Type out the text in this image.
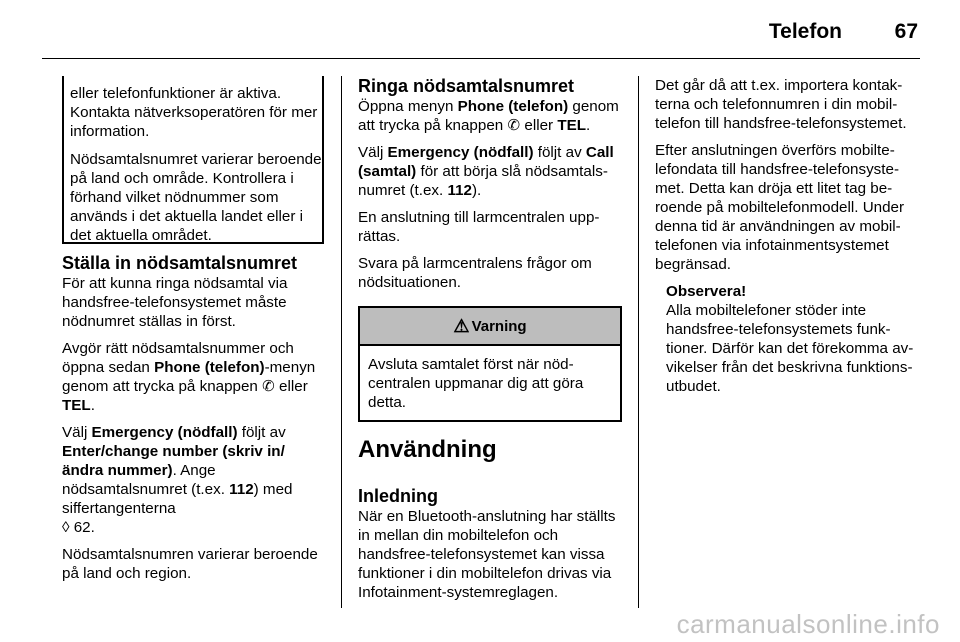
Telefon	67

eller telefonfunktioner är aktiva. Kontakta nätverksoperatören för mer information.

Nödsamtalsnumret varierar beroende på land och område. Kontrollera i förhand vilket nödnummer som används i det aktuella landet eller i det aktuella området.

Ställa in nödsamtalsnumret

För att kunna ringa nödsamtal via handsfree-telefonsystemet måste nödnumret ställas in först.

Avgör rätt nödsamtalsnummer och öppna sedan Phone (telefon)-menyn genom att trycka på knappen ✆ eller TEL.

Välj Emergency (nödfall) följt av Enter/change number (skriv in/ändra nummer). Ange nödsamtalsnumret (t.ex. 112) med siffertangenterna
◊ 62.

Nödsamtalsnumren varierar beroende på land och region.

Ringa nödsamtalsnumret

Öppna menyn Phone (telefon) genom att trycka på knappen ✆ eller TEL.

Välj Emergency (nödfall) följt av Call (samtal) för att börja slå nödsamtalsnumret (t.ex. 112).

En anslutning till larmcentralen upprättas.

Svara på larmcentralens frågor om nödsituationen.

⚠ Varning
Avsluta samtalet först när nödcentralen uppmanar dig att göra detta.
Användning
Inledning

När en Bluetooth-anslutning har ställts in mellan din mobiltelefon och handsfree-telefonsystemet kan vissa funktioner i din mobiltelefon drivas via Infotainment-systemreglagen.

Det går då att t.ex. importera kontakterna och telefonnumren i din mobiltelefon till handsfree-telefonsystemet.

Efter anslutningen överförs mobiltelefondata till handsfree-telefonsystemet. Detta kan dröja ett litet tag beroende på mobiltelefonmodell. Under denna tid är användningen av mobiltelefonen via infotainmentsystemet begränsad.

Observera!
Alla mobiltelefoner stöder inte handsfree-telefonsystemets funktioner. Därför kan det förekomma avvikelser från det beskrivna funktionsutbudet.
carmanualsonline.info
